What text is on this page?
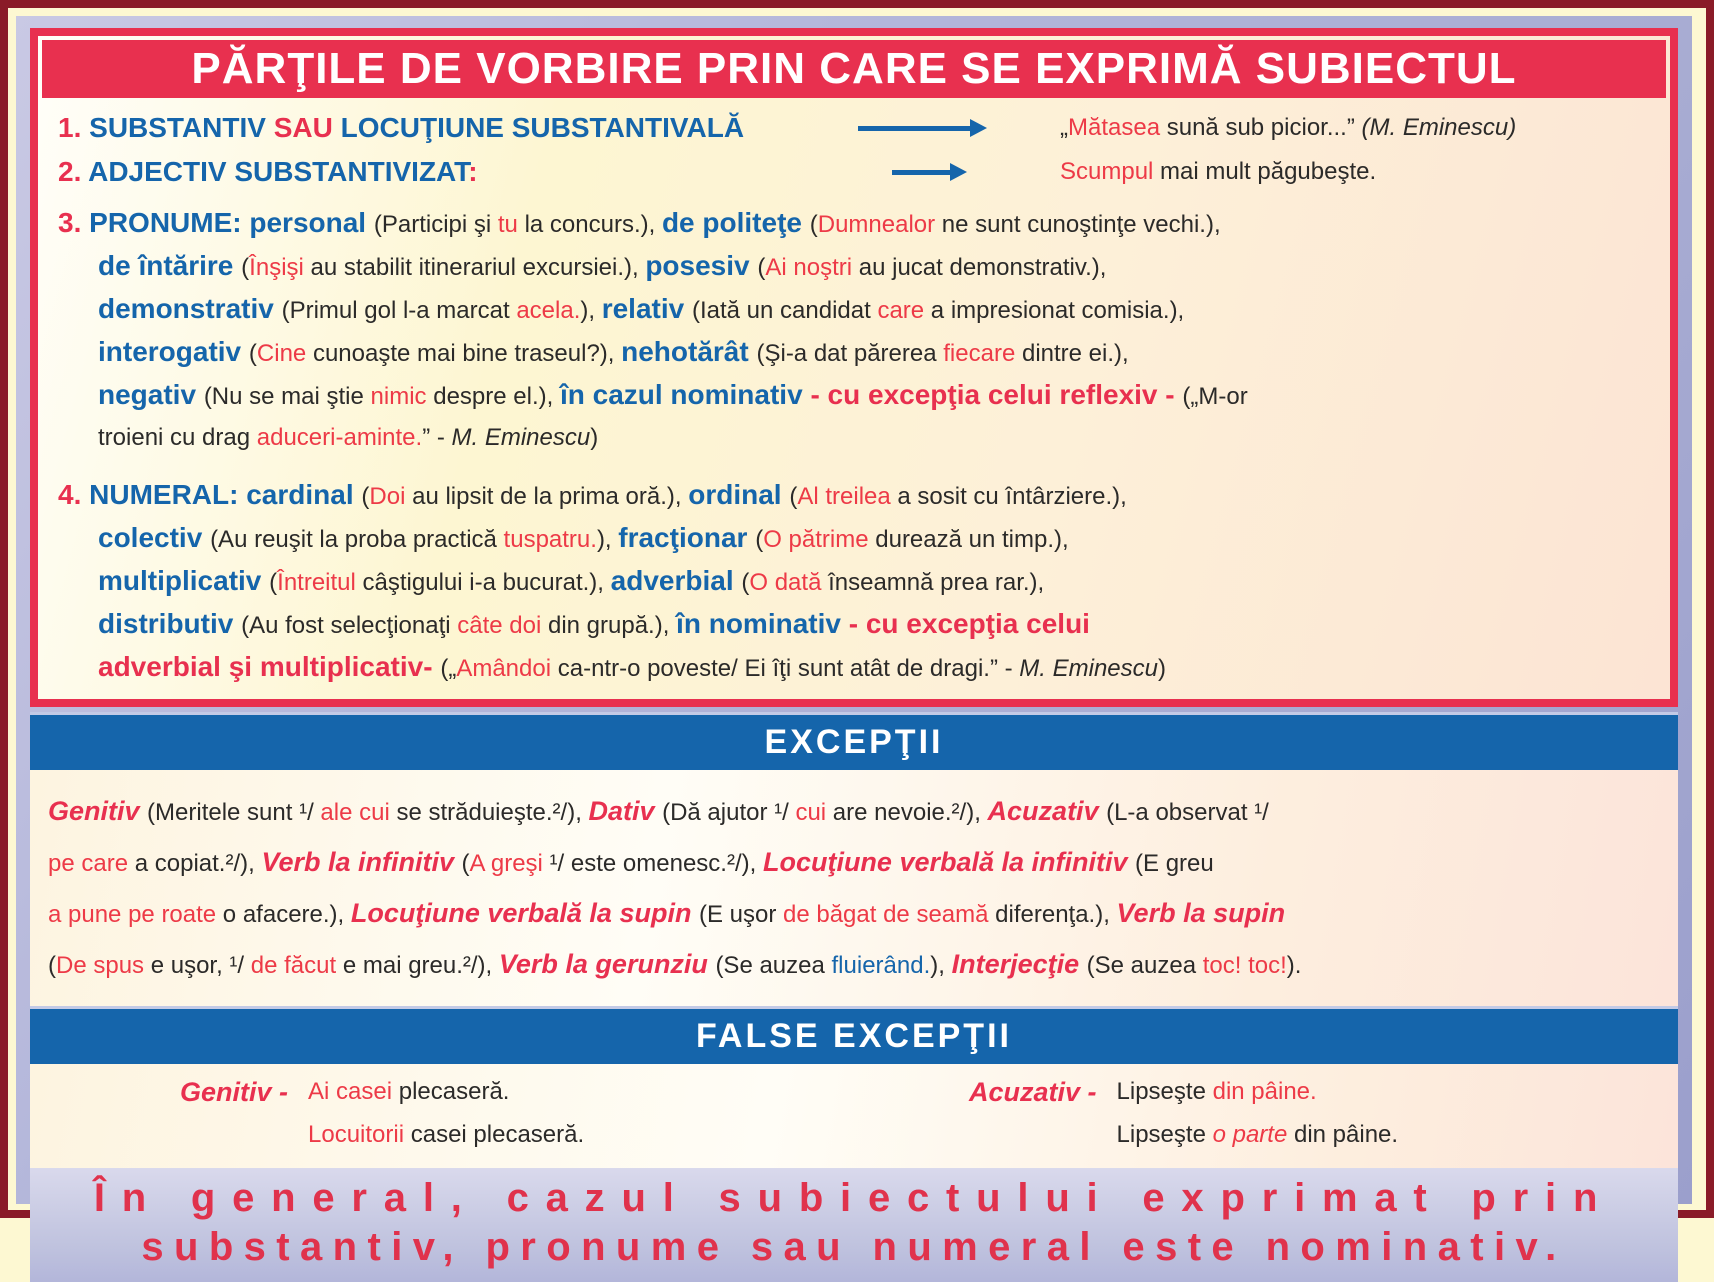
PĂRŢILE DE VORBIRE PRIN CARE SE EXPRIMĂ SUBIECTUL
1. SUBSTANTIV SAU LOCUŢIUNE SUBSTANTIVALĂ	„Mătasea sună sub picior...” (M. Eminescu)
2. ADJECTIV SUBSTANTIVIZAT:	Scumpul mai mult păgubeşte.
3. PRONUME: personal (Participi şi tu la concurs.), de politeţe (Dumnealor ne sunt cunoştinţe vechi.),
de întărire (Înşişi au stabilit itinerariul excursiei.), posesiv (Ai noştri au jucat demonstrativ.),
demonstrativ (Primul gol l-a marcat acela.), relativ (Iată un candidat care a impresionat comisia.),
interogativ (Cine cunoaşte mai bine traseul?), nehotărât (Şi-a dat părerea fiecare dintre ei.),
negativ (Nu se mai ştie nimic despre el.), în cazul nominativ - cu excepţia celui reflexiv - („M-or
troieni cu drag aduceri-aminte.” - M. Eminescu)
4. NUMERAL: cardinal (Doi au lipsit de la prima oră.), ordinal (Al treilea a sosit cu întârziere.),
colectiv (Au reuşit la proba practică tuspatru.), fracţionar (O pătrime durează un timp.),
multiplicativ (Întreitul câştigului i-a bucurat.), adverbial (O dată înseamnă prea rar.),
distributiv (Au fost selecţionaţi câte doi din grupă.), în nominativ - cu excepţia celui
adverbial şi multiplicativ- („Amândoi ca-ntr-o poveste/ Ei îţi sunt atât de dragi.” - M. Eminescu)
EXCEPŢII
Genitiv (Meritele sunt ¹/ ale cui se străduieşte.²/), Dativ (Dă ajutor ¹/ cui are nevoie.²/), Acuzativ (L-a observat ¹/
pe care a copiat.²/), Verb la infinitiv (A greşi ¹/ este omenesc.²/), Locuţiune verbală la infinitiv (E greu
a pune pe roate o afacere.), Locuţiune verbală la supin (E uşor de băgat de seamă diferenţa.), Verb la supin
(De spus e uşor, ¹/ de făcut e mai greu.²/), Verb la gerunziu (Se auzea fluierând.), Interjecţie (Se auzea toc! toc!).
FALSE EXCEPŢII
Genitiv - Ai casei plecaseră.
Locuitorii casei plecaseră.
Acuzativ - Lipseşte din pâine.
Lipseşte o parte din pâine.
În general, cazul subiectului exprimat prin
substantiv, pronume sau numeral este nominativ.
